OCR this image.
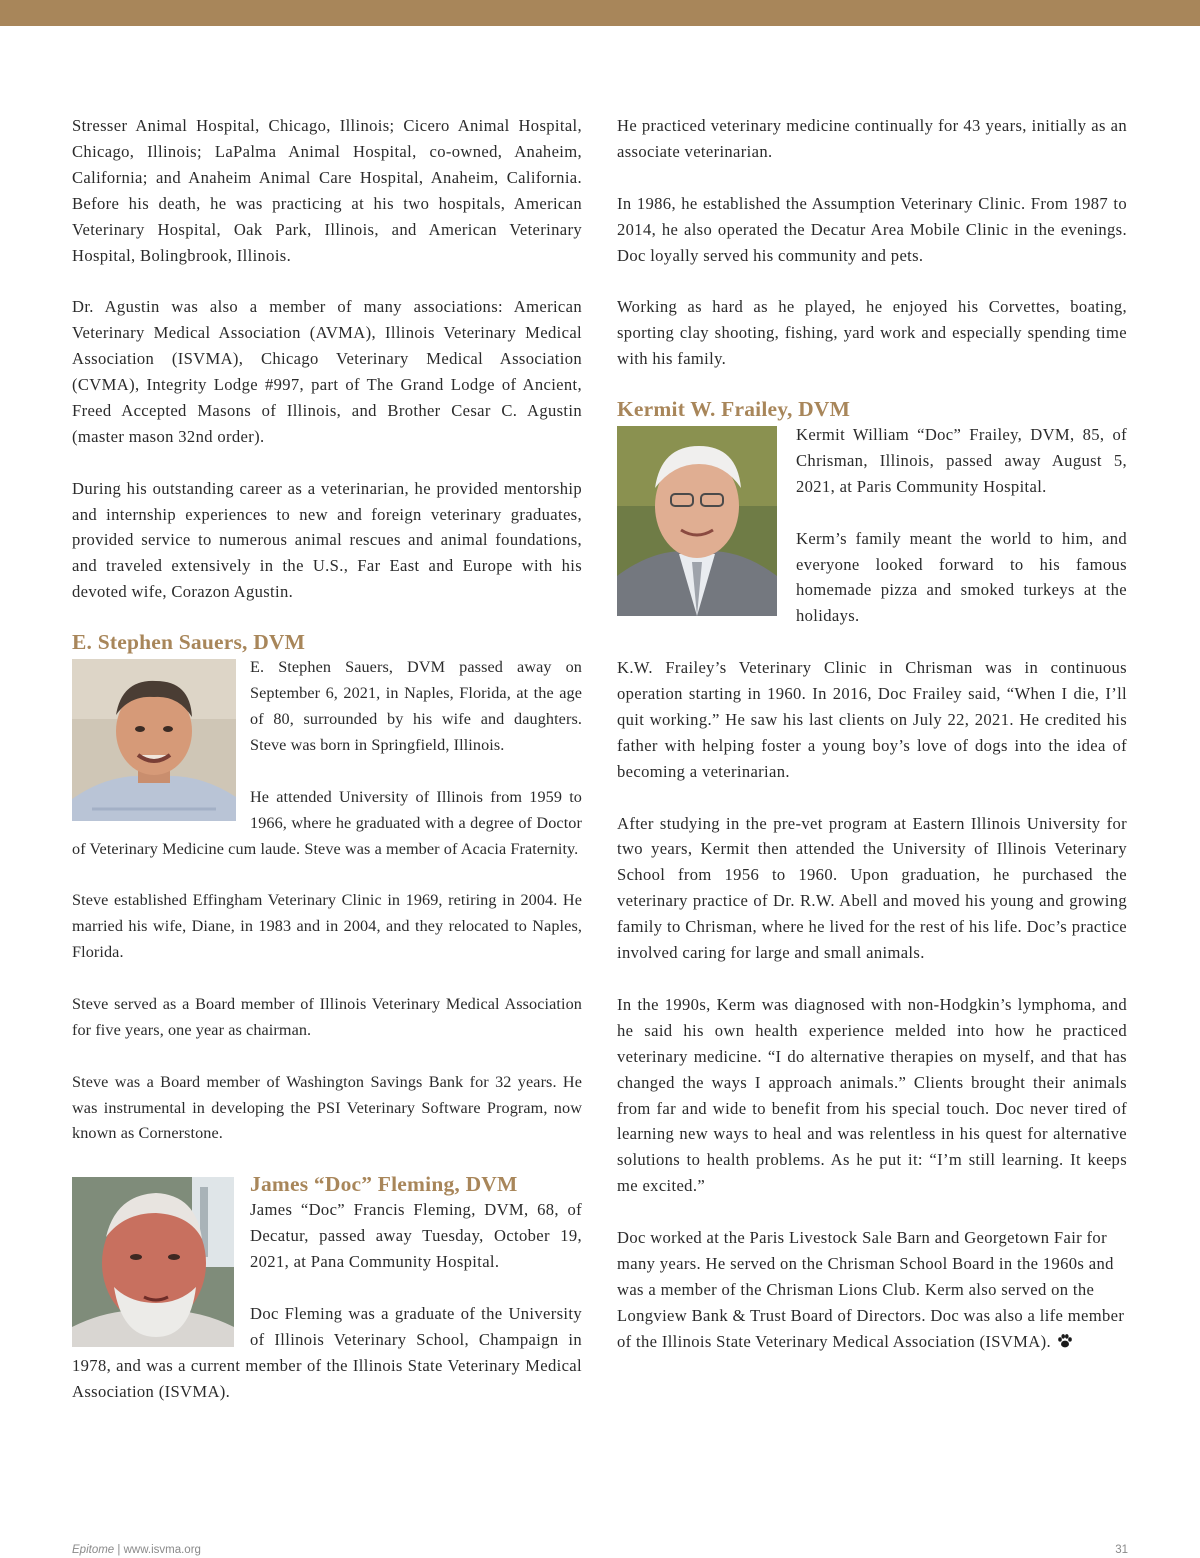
Stresser Animal Hospital, Chicago, Illinois; Cicero Animal Hospital, Chicago, Illinois; LaPalma Animal Hospital, co-owned, Anaheim, California; and Anaheim Animal Care Hospital, Anaheim, California. Before his death, he was practicing at his two hospitals, American Veterinary Hospital, Oak Park, Illinois, and American Veterinary Hospital, Bolingbrook, Illinois.

Dr. Agustin was also a member of many associations: American Veterinary Medical Association (AVMA), Illinois Veterinary Medical Association (ISVMA), Chicago Veterinary Medical Association (CVMA), Integrity Lodge #997, part of The Grand Lodge of Ancient, Freed Accepted Masons of Illinois, and Brother Cesar C. Agustin (master mason 32nd order).

During his outstanding career as a veterinarian, he provided mentorship and internship experiences to new and foreign veterinary graduates, provided service to numerous animal rescues and animal foundations, and traveled extensively in the U.S., Far East and Europe with his devoted wife, Corazon Agustin.

E. Stephen Sauers, DVM

E. Stephen Sauers, DVM passed away on September 6, 2021, in Naples, Florida, at the age of 80, surrounded by his wife and daughters. Steve was born in Springfield, Illinois.

He attended University of Illinois from 1959 to 1966, where he graduated with a degree of Doctor of Veterinary Medicine cum laude. Steve was a member of Acacia Fraternity.

Steve established Effingham Veterinary Clinic in 1969, retiring in 2004. He married his wife, Diane, in 1983 and in 2004, and they relocated to Naples, Florida.

Steve served as a Board member of Illinois Veterinary Medical Association for five years, one year as chairman.

Steve was a Board member of Washington Savings Bank for 32 years. He was instrumental in developing the PSI Veterinary Software Program, now known as Cornerstone.

James “Doc” Fleming, DVM

James “Doc” Francis Fleming, DVM, 68, of Decatur, passed away Tuesday, October 19, 2021, at Pana Community Hospital.

Doc Fleming was a graduate of the University of Illinois Veterinary School, Champaign in 1978, and was a current member of the Illinois State Veterinary Medical Association (ISVMA).

He practiced veterinary medicine continually for 43 years, initially as an associate veterinarian.

In 1986, he established the Assumption Veterinary Clinic. From 1987 to 2014, he also operated the Decatur Area Mobile Clinic in the evenings. Doc loyally served his community and pets.

Working as hard as he played, he enjoyed his Corvettes, boating, sporting clay shooting, fishing, yard work and especially spending time with his family.

Kermit W. Frailey, DVM

Kermit William “Doc” Frailey, DVM, 85, of Chrisman, Illinois, passed away August 5, 2021, at Paris Community Hospital.

Kerm’s family meant the world to him, and everyone looked forward to his famous homemade pizza and smoked turkeys at the holidays.

K.W. Frailey’s Veterinary Clinic in Chrisman was in continuous operation starting in 1960. In 2016, Doc Frailey said, “When I die, I’ll quit working.” He saw his last clients on July 22, 2021. He credited his father with helping foster a young boy’s love of dogs into the idea of becoming a veterinarian.

After studying in the pre-vet program at Eastern Illinois University for two years, Kermit then attended the University of Illinois Veterinary School from 1956 to 1960. Upon graduation, he purchased the veterinary practice of Dr. R.W. Abell and moved his young and growing family to Chrisman, where he lived for the rest of his life. Doc’s practice involved caring for large and small animals.

In the 1990s, Kerm was diagnosed with non-Hodgkin’s lymphoma, and he said his own health experience melded into how he practiced veterinary medicine. “I do alternative therapies on myself, and that has changed the ways I approach animals.” Clients brought their animals from far and wide to benefit from his special touch. Doc never tired of learning new ways to heal and was relentless in his quest for alternative solutions to health problems. As he put it: “I’m still learning. It keeps me excited.”

Doc worked at the Paris Livestock Sale Barn and Georgetown Fair for many years. He served on the Chrisman School Board in the 1960s and was a member of the Chrisman Lions Club. Kerm also served on the Longview Bank & Trust Board of Directors. Doc was also a life member of the Illinois State Veterinary Medical Association (ISVMA).

Epitome | www.isvma.org	31
